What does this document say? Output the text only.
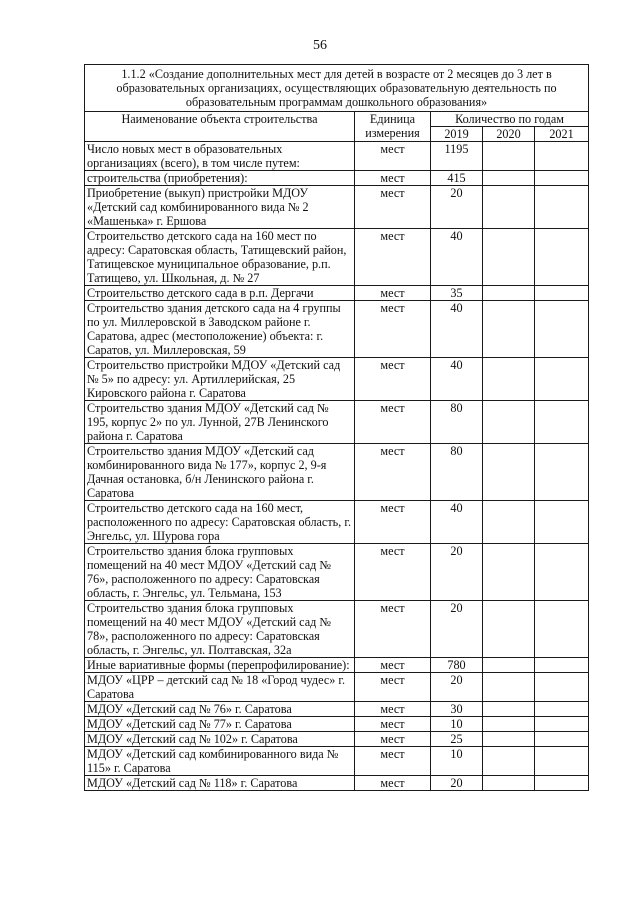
56
1.1.2 «Создание дополнительных мест для детей в возрасте от 2 месяцев до 3 лет в образовательных организациях, осуществляющих образовательную деятельность по образовательным программам дошкольного образования»				
Наименование объекта строительства	Единица измерения	Количество по годам		
		2019	2020	2021
Число новых мест в образовательных организациях (всего), в том числе путем:	мест	1195		
строительства (приобретения):	мест	415		
Приобретение (выкуп) пристройки МДОУ «Детский сад комбинированного вида № 2 «Машенька» г. Ершова	мест	20		
Строительство детского сада на 160 мест по адресу: Саратовская область, Татищевский район, Татищевское муниципальное образование, р.п. Татищево, ул. Школьная, д. № 27	мест	40		
Строительство детского сада в р.п. Дергачи	мест	35		
Строительство здания детского сада на 4 группы по ул. Миллеровской в Заводском районе г. Саратова, адрес (местоположение) объекта: г. Саратов, ул. Миллеровская, 59	мест	40		
Строительство пристройки МДОУ «Детский сад № 5» по адресу: ул. Артиллерийская, 25 Кировского района г. Саратова	мест	40		
Строительство здания МДОУ «Детский сад № 195, корпус 2» по ул. Лунной, 27В Ленинского района г. Саратова	мест	80		
Строительство здания МДОУ «Детский сад комбинированного вида № 177», корпус 2, 9-я Дачная остановка, б/н Ленинского района г. Саратова	мест	80		
Строительство детского сада на 160 мест, расположенного по адресу: Саратовская область, г. Энгельс, ул. Шурова гора	мест	40		
Строительство здания блока групповых помещений на 40 мест МДОУ «Детский сад № 76», расположенного по адресу: Саратовская область, г. Энгельс, ул. Тельмана, 153	мест	20		
Строительство здания блока групповых помещений на 40 мест МДОУ «Детский сад № 78», расположенного по адресу: Саратовская область, г. Энгельс, ул. Полтавская, 32а	мест	20		
Иные вариативные формы (перепрофилирование):	мест	780		
МДОУ «ЦРР – детский сад № 18 «Город чудес» г. Саратова	мест	20		
МДОУ «Детский сад № 76» г. Саратова	мест	30		
МДОУ «Детский сад № 77» г. Саратова	мест	10		
МДОУ «Детский сад № 102» г. Саратова	мест	25		
МДОУ «Детский сад комбинированного вида № 115» г. Саратова	мест	10		
МДОУ «Детский сад № 118» г. Саратова	мест	20		
